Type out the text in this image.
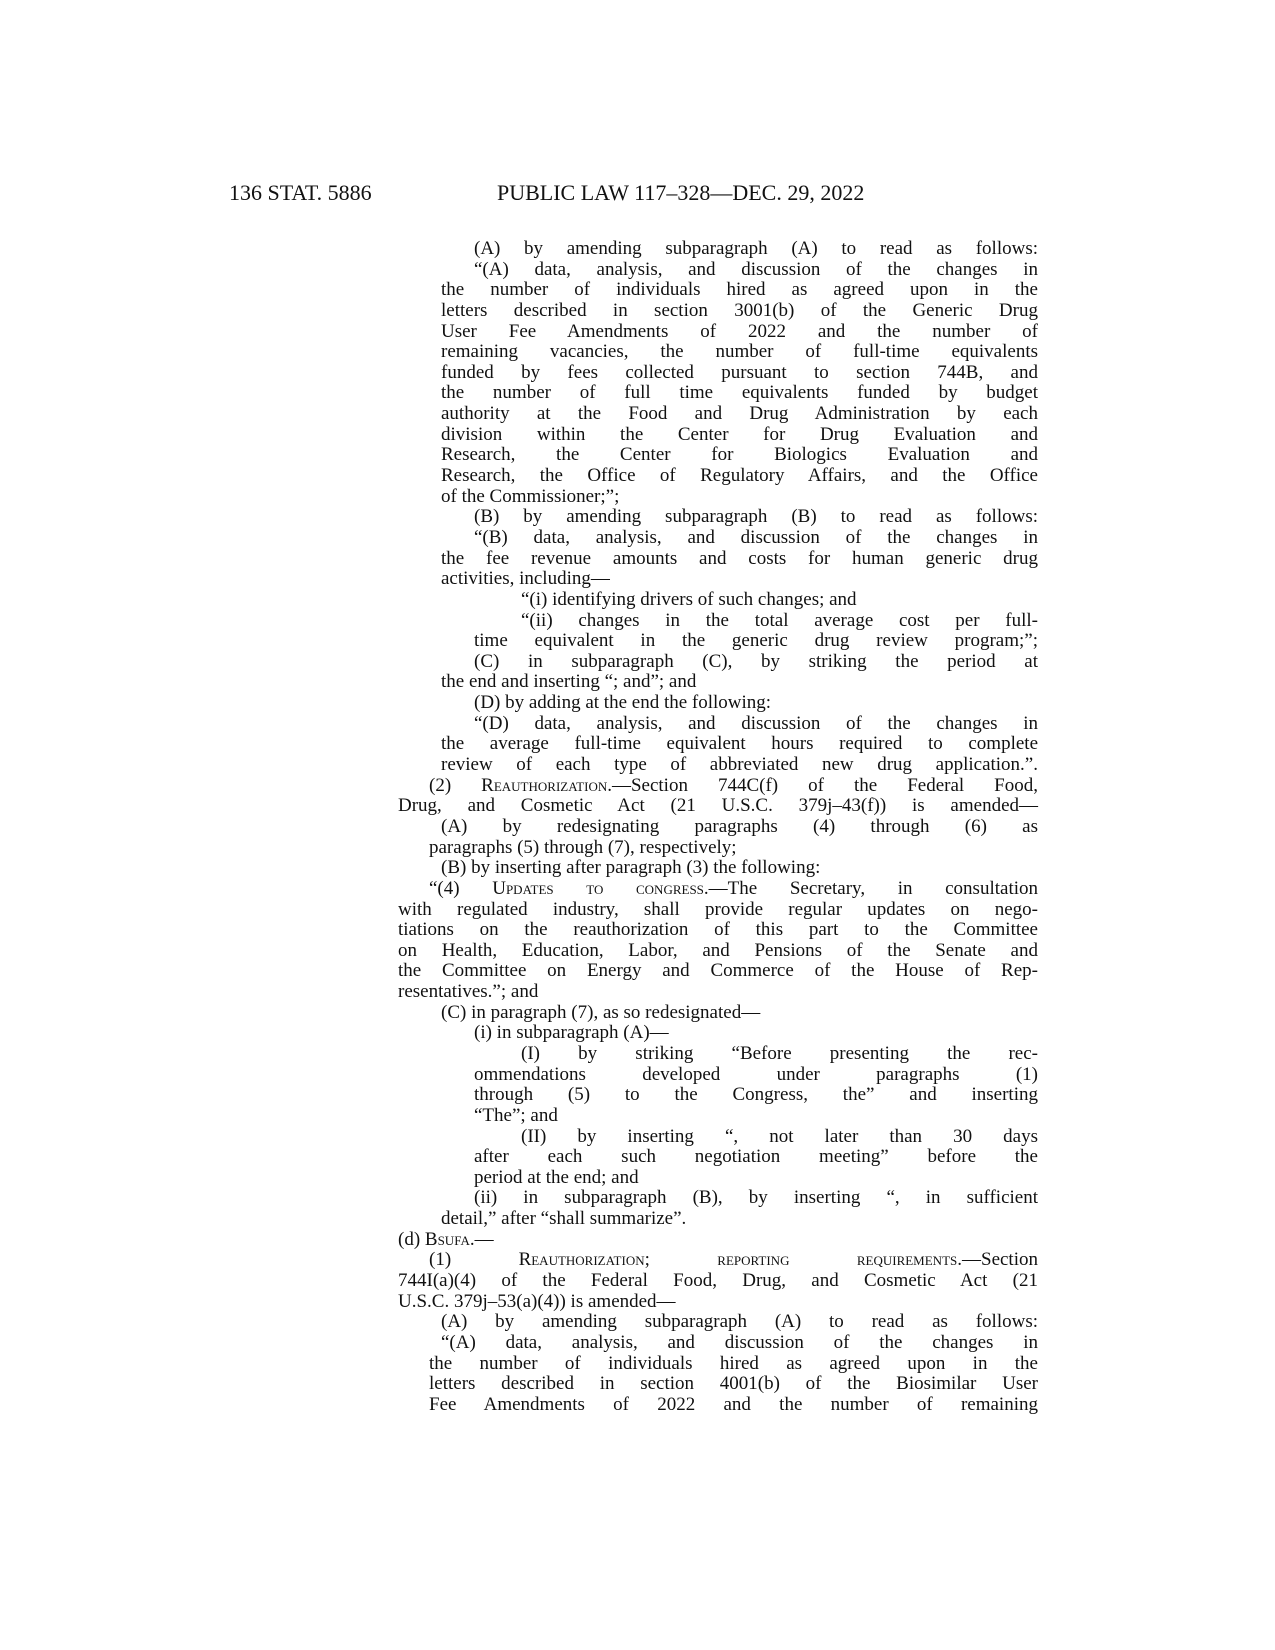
136 STAT. 5886	PUBLIC LAW 117–328—DEC. 29, 2022
(A) by amending subparagraph (A) to read as follows:
“(A) data, analysis, and discussion of the changes in
the number of individuals hired as agreed upon in the
letters described in section 3001(b) of the Generic Drug
User Fee Amendments of 2022 and the number of
remaining vacancies, the number of full-time equivalents
funded by fees collected pursuant to section 744B, and
the number of full time equivalents funded by budget
authority at the Food and Drug Administration by each
division within the Center for Drug Evaluation and
Research, the Center for Biologics Evaluation and
Research, the Office of Regulatory Affairs, and the Office
of the Commissioner;”;
(B) by amending subparagraph (B) to read as follows:
“(B) data, analysis, and discussion of the changes in
the fee revenue amounts and costs for human generic drug
activities, including—
“(i) identifying drivers of such changes; and
“(ii) changes in the total average cost per full-
time equivalent in the generic drug review program;”;
(C) in subparagraph (C), by striking the period at
the end and inserting “; and”; and
(D) by adding at the end the following:
“(D) data, analysis, and discussion of the changes in
the average full-time equivalent hours required to complete
review of each type of abbreviated new drug application.”.
(2) Reauthorization.—Section 744C(f) of the Federal Food,
Drug, and Cosmetic Act (21 U.S.C. 379j–43(f)) is amended—
(A) by redesignating paragraphs (4) through (6) as
paragraphs (5) through (7), respectively;
(B) by inserting after paragraph (3) the following:
“(4) Updates to congress.—The Secretary, in consultation
with regulated industry, shall provide regular updates on nego-
tiations on the reauthorization of this part to the Committee
on Health, Education, Labor, and Pensions of the Senate and
the Committee on Energy and Commerce of the House of Rep-
resentatives.”; and
(C) in paragraph (7), as so redesignated—
(i) in subparagraph (A)—
(I) by striking “Before presenting the rec-
ommendations developed under paragraphs (1)
through (5) to the Congress, the” and inserting
“The”; and
(II) by inserting “, not later than 30 days
after each such negotiation meeting” before the
period at the end; and
(ii) in subparagraph (B), by inserting “, in sufficient
detail,” after “shall summarize”.
(d) Bsufa.—
(1) Reauthorization; reporting requirements.—Section
744I(a)(4) of the Federal Food, Drug, and Cosmetic Act (21
U.S.C. 379j–53(a)(4)) is amended—
(A) by amending subparagraph (A) to read as follows:
“(A) data, analysis, and discussion of the changes in
the number of individuals hired as agreed upon in the
letters described in section 4001(b) of the Biosimilar User
Fee Amendments of 2022 and the number of remaining
